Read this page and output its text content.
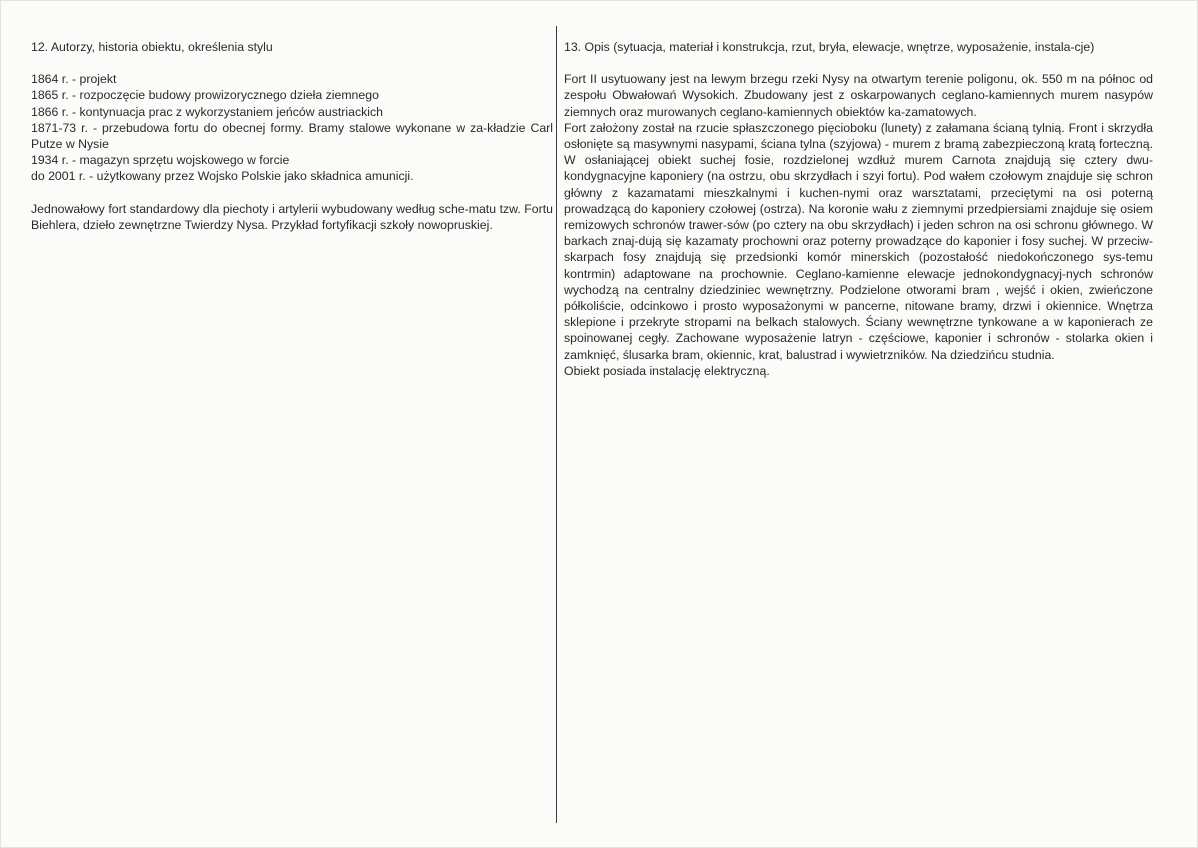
12. Autorzy, historia obiektu, określenia stylu
1864 r. - projekt
1865 r. - rozpoczęcie budowy prowizorycznego dzieła ziemnego
1866 r. - kontynuacja prac z wykorzystaniem jeńców austriackich
1871-73 r. - przebudowa fortu do obecnej formy. Bramy stalowe wykonane w za-kładzie Carl Putze w Nysie
1934 r. - magazyn sprzętu wojskowego w forcie
do 2001 r. - użytkowany przez Wojsko Polskie jako składnica amunicji.

Jednowałowy fort standardowy dla piechoty i artylerii wybudowany według sche-matu tzw. Fortu Biehlera, dzieło zewnętrzne Twierdzy Nysa. Przykład fortyfikacji szkoły nowopruskiej.

13. Opis (sytuacja, materiał i konstrukcja, rzut, bryła, elewacje, wnętrze, wyposażenie, instala-cje)

Fort II usytuowany jest na lewym brzegu rzeki Nysy na otwartym terenie poligonu, ok. 550 m na północ od zespołu Obwałowań Wysokich. Zbudowany jest z oskarpowanych ceglano-kamiennych murem nasypów ziemnych oraz murowanych ceglano-kamiennych obiektów ka-zamatowych.

Fort założony został na rzucie spłaszczonego pięcioboku (lunety) z załamana ścianą tylnią. Front i skrzydła osłonięte są masywnymi nasypami, ściana tylna (szyjowa) - murem z bramą zabezpieczoną kratą forteczną. W osłaniającej obiekt suchej fosie, rozdzielonej wzdłuż murem Carnota znajdują się cztery dwu-kondygnacyjne kaponiery (na ostrzu, obu skrzydłach i szyi fortu). Pod wałem czołowym znajduje się schron główny z kazamatami mieszkalnymi i kuchen-nymi oraz warsztatami, przeciętymi na osi poterną prowadzącą do kaponiery czołowej (ostrza). Na koronie wału z ziemnymi przedpiersiami znajduje się osiem remizowych schronów trawer-sów (po cztery na obu skrzydłach) i jeden schron na osi schronu głównego. W barkach znaj-dują się kazamaty prochowni oraz poterny prowadzące do kaponier i fosy suchej. W przeciw-skarpach fosy znajdują się przedsionki komór minerskich (pozostałość niedokończonego sys-temu kontrmin) adaptowane na prochownie. Ceglano-kamienne elewacje jednokondygnacyj-nych schronów wychodzą na centralny dziedziniec wewnętrzny. Podzielone otworami bram , wejść i okien, zwieńczone półkoliście, odcinkowo i prosto wyposażonymi w pancerne, nitowane bramy, drzwi i okiennice. Wnętrza sklepione i przekryte stropami na belkach stalowych. Ściany wewnętrzne tynkowane a w kaponierach ze spoinowanej cegły. Zachowane wyposażenie latryn - częściowe, kaponier i schronów - stolarka okien i zamknięć, ślusarka bram, okiennic, krat, balustrad i wywietrzników. Na dziedzińcu studnia.

Obiekt posiada instalację elektryczną.
